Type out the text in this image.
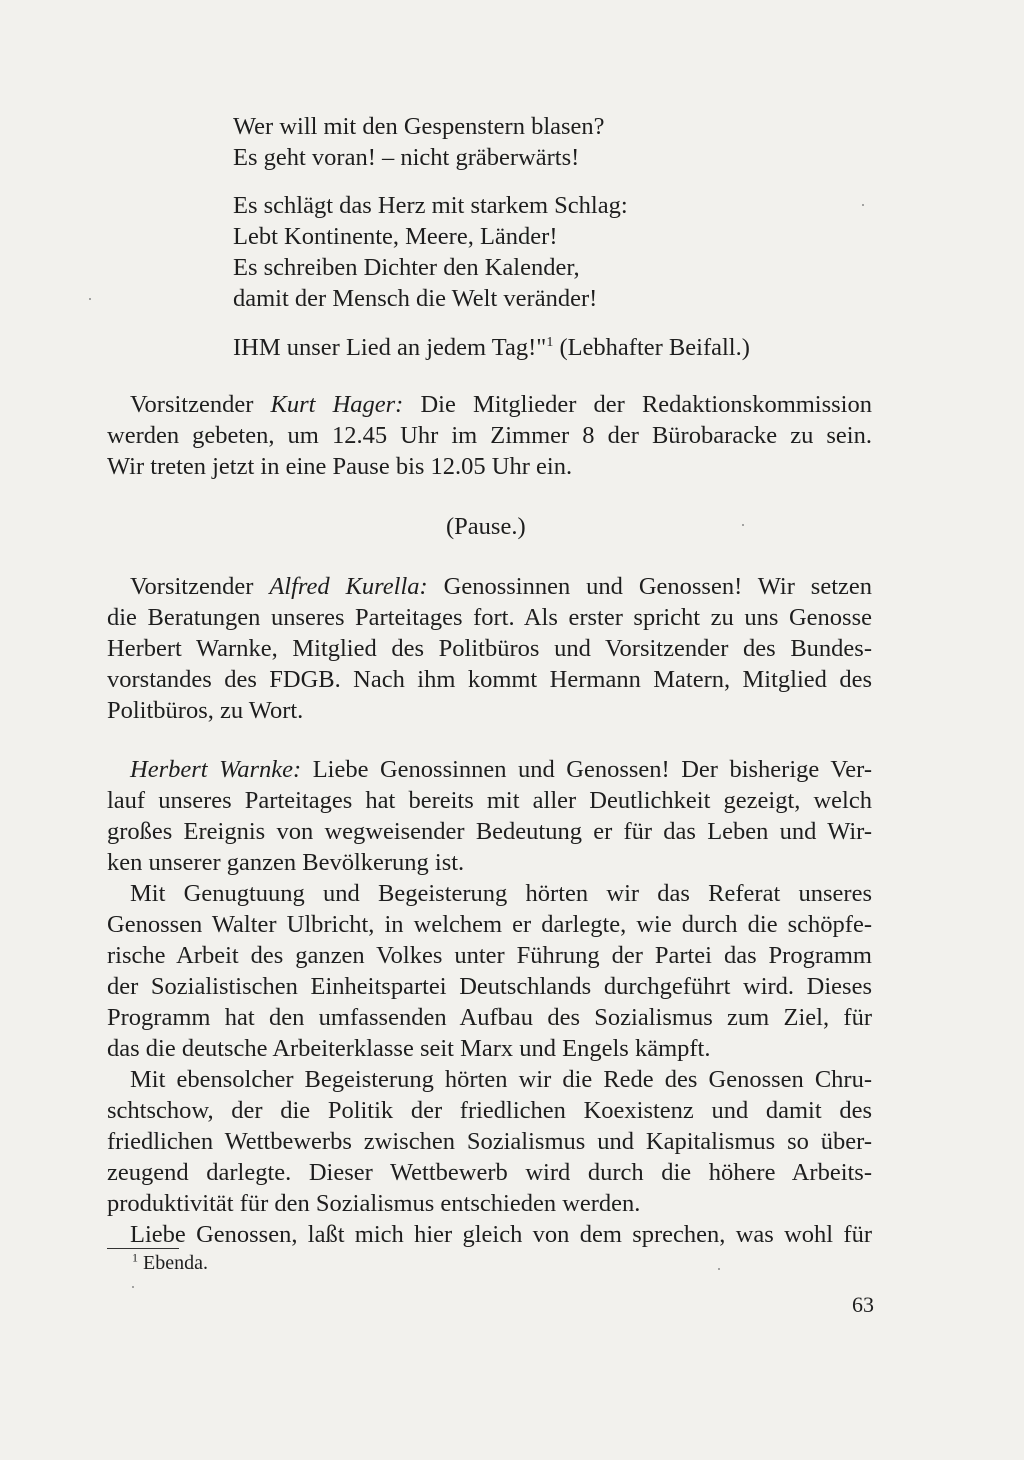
Wer will mit den Gespenstern blasen?
Es geht voran! – nicht gräberwärts!
Es schlägt das Herz mit starkem Schlag:
Lebt Kontinente, Meere, Länder!
Es schreiben Dichter den Kalender,
damit der Mensch die Welt veränder!
IHM unser Lied an jedem Tag!"$^1$ (Lebhafter Beifall.)
Vorsitzender Kurt Hager: Die Mitglieder der Redaktionskommission
werden gebeten, um 12.45 Uhr im Zimmer 8 der Bürobaracke zu sein.
Wir treten jetzt in eine Pause bis 12.05 Uhr ein.
(Pause.)
Vorsitzender Alfred Kurella: Genossinnen und Genossen! Wir setzen
die Beratungen unseres Parteitages fort. Als erster spricht zu uns Genosse
Herbert Warnke, Mitglied des Politbüros und Vorsitzender des Bundes-
vorstandes des FDGB. Nach ihm kommt Hermann Matern, Mitglied des
Politbüros, zu Wort.
Herbert Warnke: Liebe Genossinnen und Genossen! Der bisherige Ver-
lauf unseres Parteitages hat bereits mit aller Deutlichkeit gezeigt, welch
großes Ereignis von wegweisender Bedeutung er für das Leben und Wir-
ken unserer ganzen Bevölkerung ist.
Mit Genugtuung und Begeisterung hörten wir das Referat unseres
Genossen Walter Ulbricht, in welchem er darlegte, wie durch die schöpfe-
rische Arbeit des ganzen Volkes unter Führung der Partei das Programm
der Sozialistischen Einheitspartei Deutschlands durchgeführt wird. Dieses
Programm hat den umfassenden Aufbau des Sozialismus zum Ziel, für
das die deutsche Arbeiterklasse seit Marx und Engels kämpft.
Mit ebensolcher Begeisterung hörten wir die Rede des Genossen Chru-
schtschow, der die Politik der friedlichen Koexistenz und damit des
friedlichen Wettbewerbs zwischen Sozialismus und Kapitalismus so über-
zeugend darlegte. Dieser Wettbewerb wird durch die höhere Arbeits-
produktivität für den Sozialismus entschieden werden.
Liebe Genossen, laßt mich hier gleich von dem sprechen, was wohl für
$^1$ Ebenda.
63
